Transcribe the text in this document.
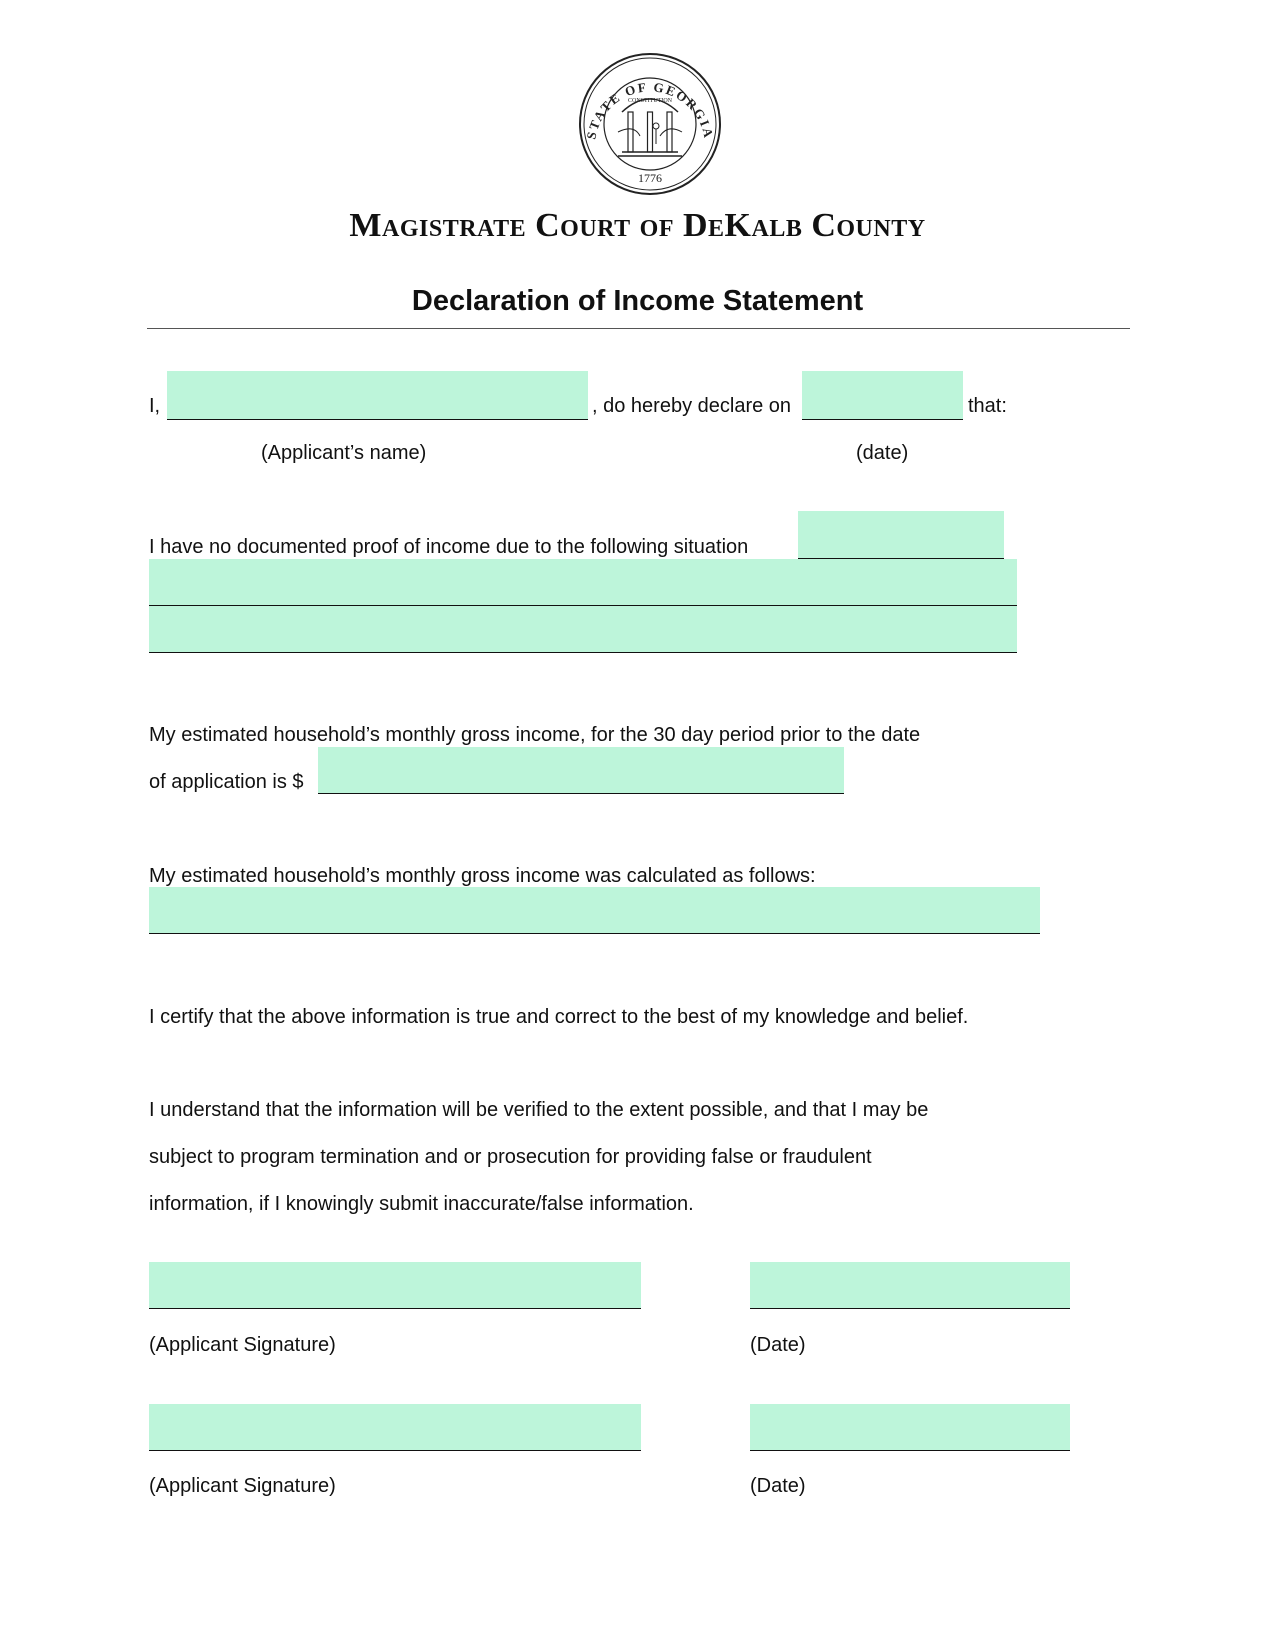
STATE OF GEORGIA
1776
CONSTITUTION
Magistrate Court of DeKalb County
Declaration of Income Statement
I,	, do hereby declare on	that:
(Applicant’s name)	(date)
I have no documented proof of income due to the following situation
My estimated household’s monthly gross income, for the 30 day period prior to the date
of application is $
My estimated household’s monthly gross income was calculated as follows:
I certify that the above information is true and correct to the best of my knowledge and belief.
I understand that the information will be verified to the extent possible, and that I may be
subject to program termination and or prosecution for providing false or fraudulent
information, if I knowingly submit inaccurate/false information.
(Applicant Signature)	(Date)
(Applicant Signature)	(Date)
